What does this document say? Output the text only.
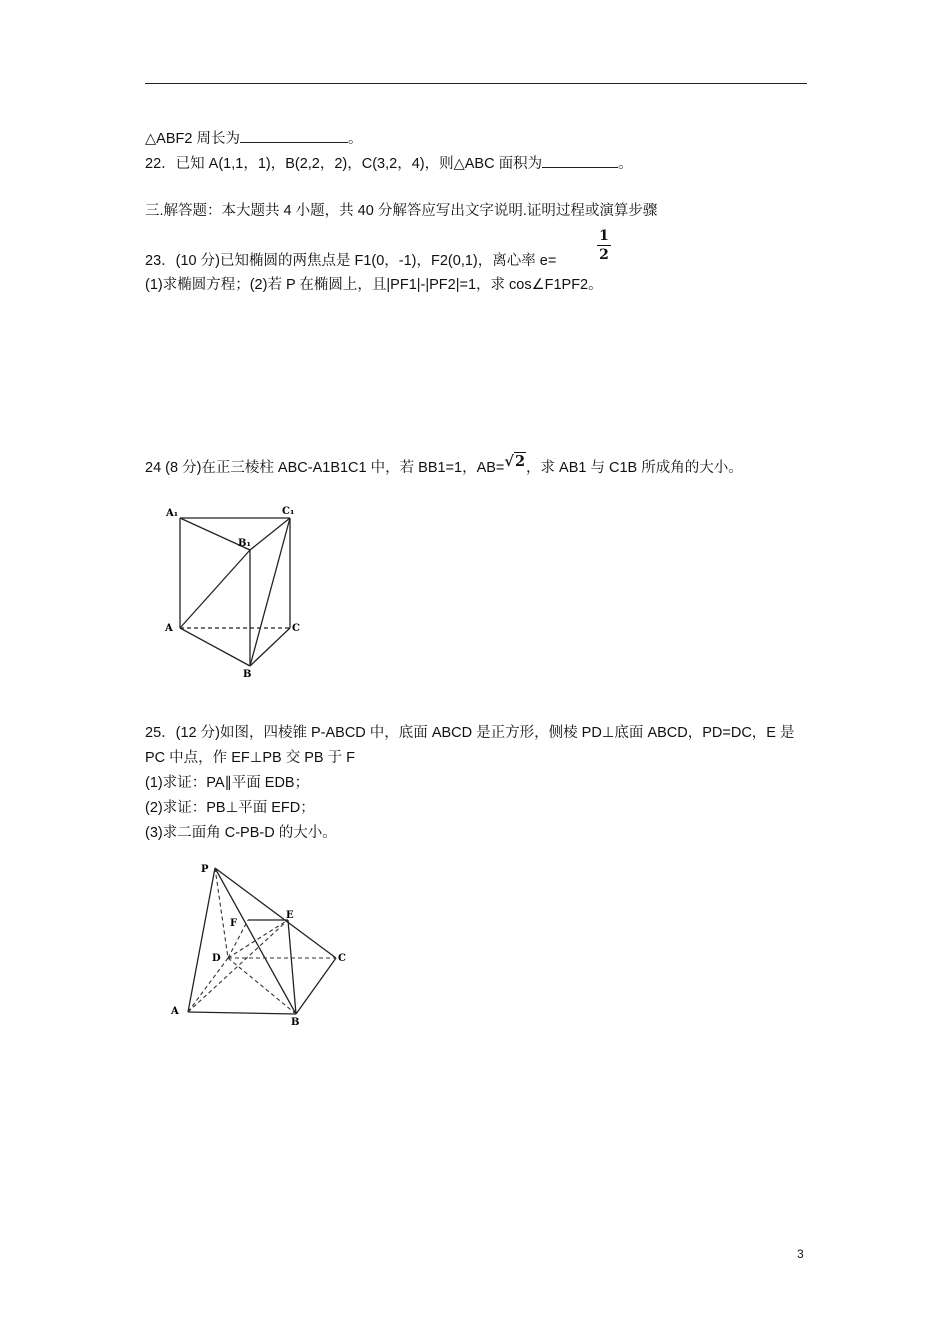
△ABF2 周长为	。
22．已知 A(1,1，1)，B(2,2，2)，C(3,2，4)，则△ABC 面积为	。
三.解答题：本大题共 4 小题，共 40 分解答应写出文字说明.证明过程或演算步骤
23．(10 分)已知椭圆的两焦点是 F1(0，-1)，F2(0,1)，离心率 e=
1
2
(1)求椭圆方程；(2)若 P 在椭圆上，且|PF1|-|PF2|=1，求 cos∠F1PF2。
24 (8 分)在正三棱柱 ABC-A1B1C1 中，若 BB1=1，AB=√2，求 AB1 与 C1B 所成角的大小。
A₁	C₁
B₁
A	C
B
25．(12 分)如图，四棱锥 P-ABCD 中，底面 ABCD 是正方形，侧棱 PD⊥底面 ABCD，PD=DC，E 是
PC 中点，作 EF⊥PB 交 PB 于 F
(1)求证：PA∥平面 EDB；
(2)求证：PB⊥平面 EFD；
(3)求二面角 C-PB-D 的大小。
P
F
E
D	C
A
B
3
